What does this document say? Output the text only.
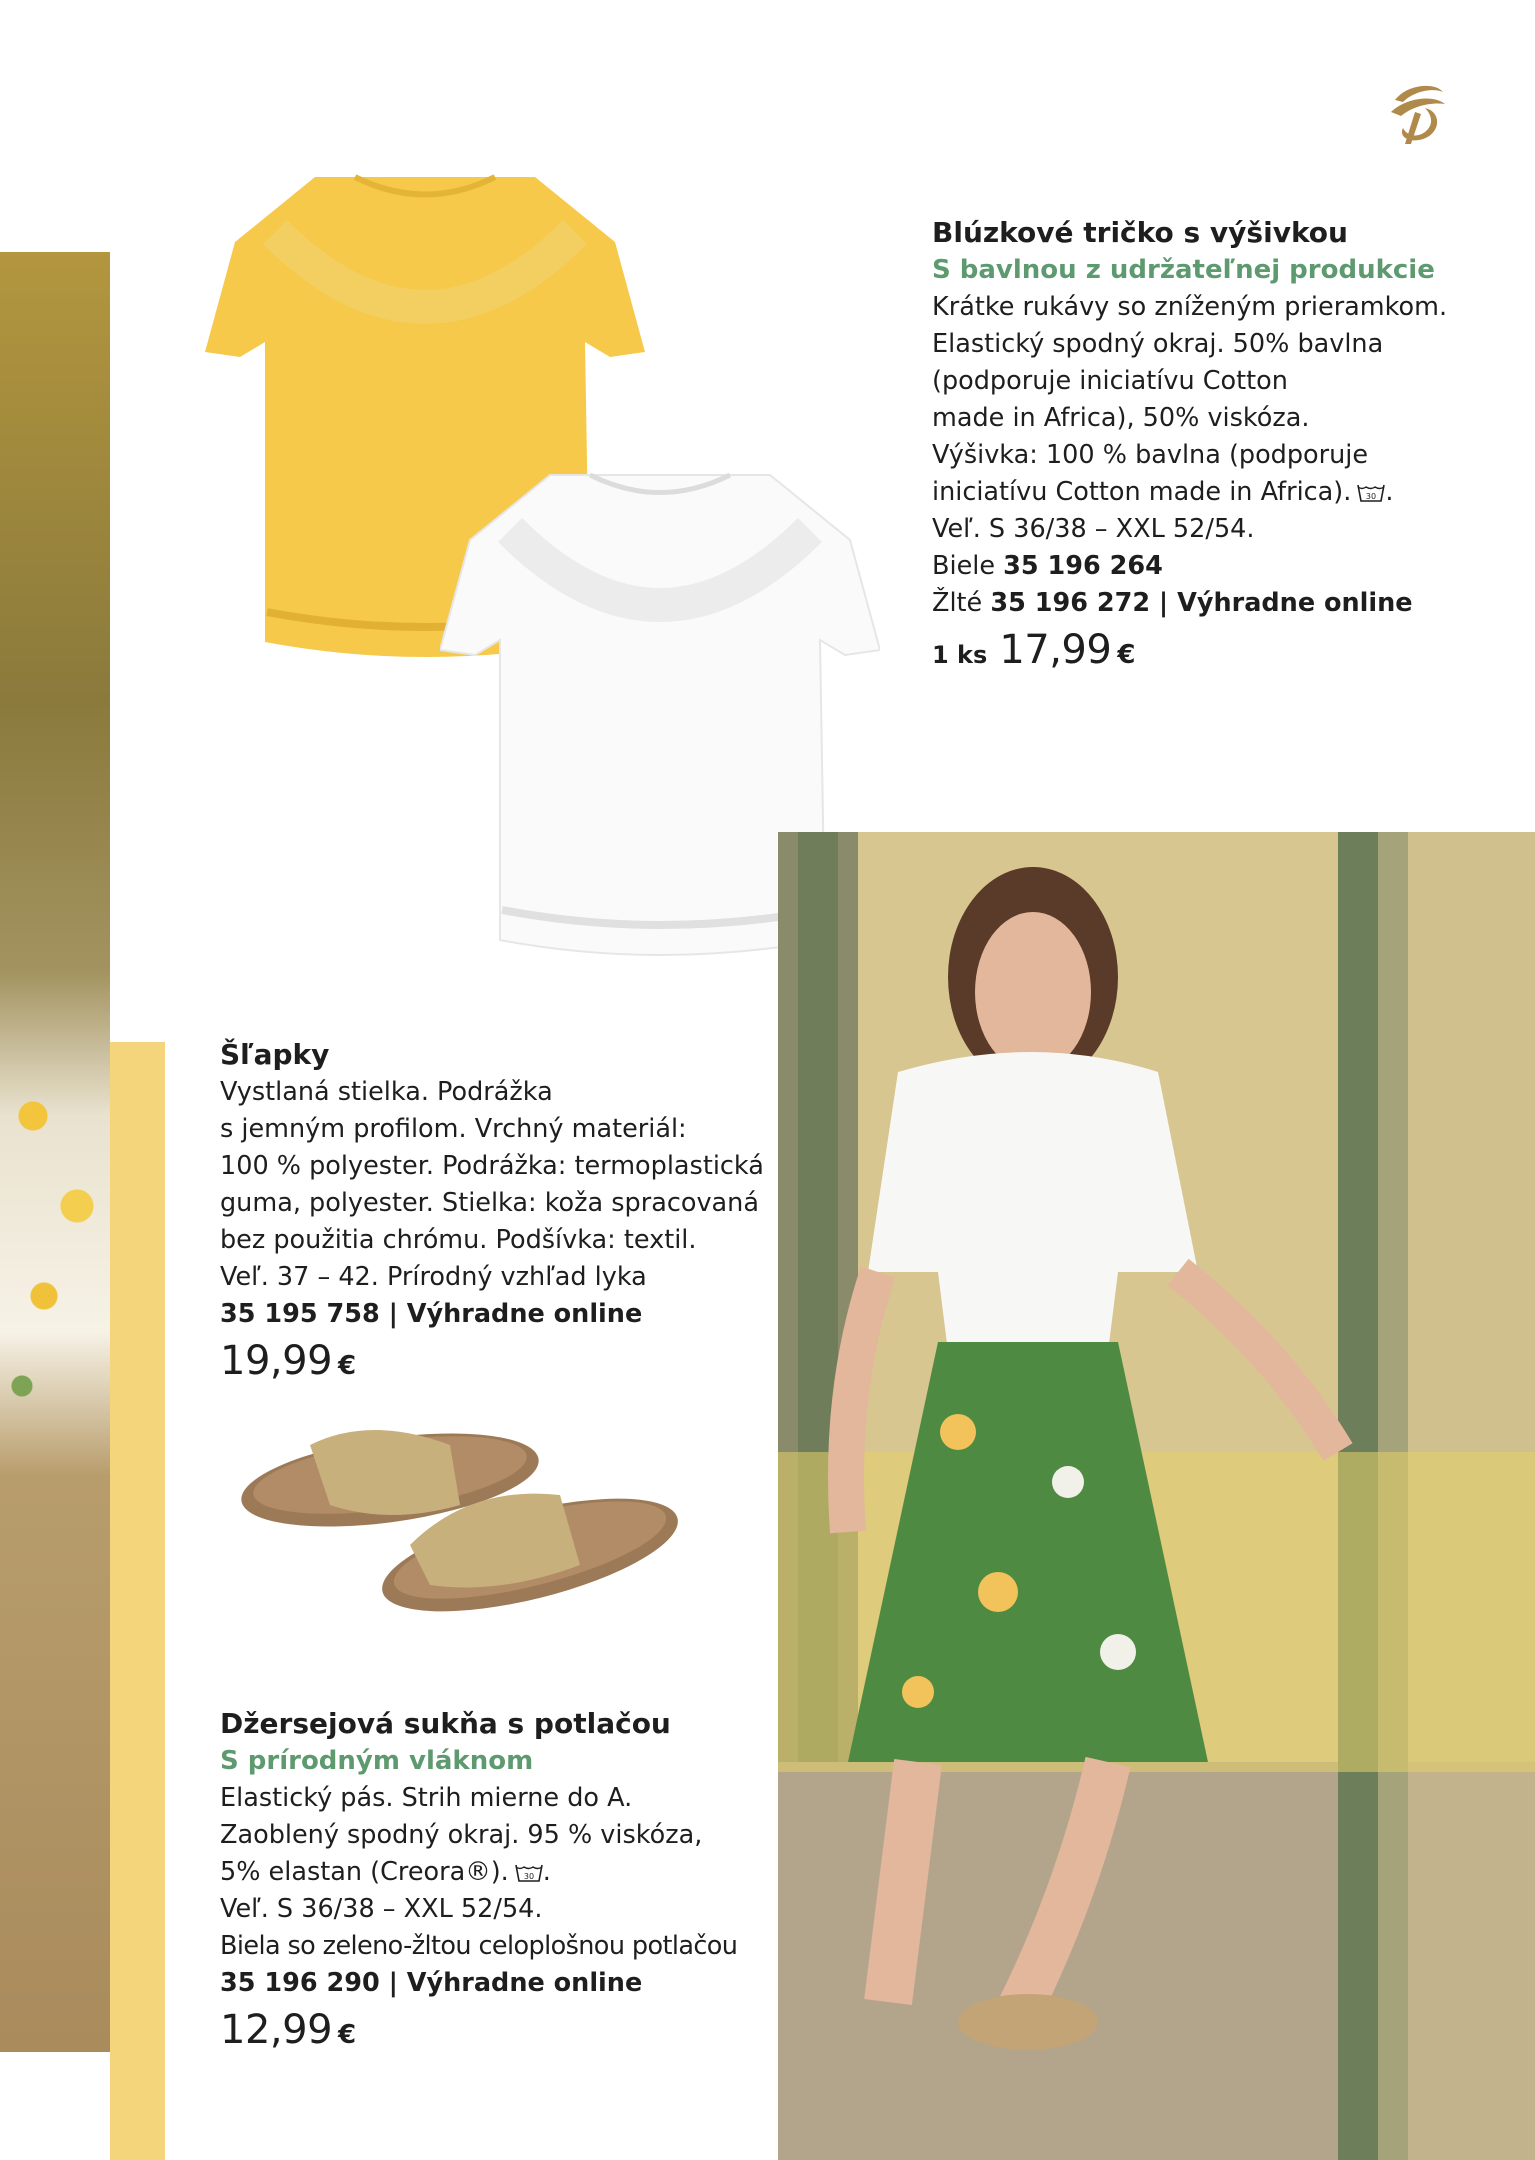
Blúzkové tričko s výšivkou
S bavlnou z udržateľnej produkcie
Krátke rukávy so zníženým prieramkom.
Elastický spodný okraj. 50% bavlna
(podporuje iniciatívu Cotton
made in Africa), 50% viskóza.
Výšivka: 100 % bavlna (podporuje
iniciatívu Cotton made in Africa). 30 .
Veľ. S 36/38 – XXL 52/54.
Biele 35 196 264
Žlté 35 196 272 | Výhradne online
1 ks 17,99 €
Šľapky
Vystlaná stielka. Podrážka
s jemným profilom. Vrchný materiál:
100 % polyester. Podrážka: termoplastická
guma, polyester. Stielka: koža spracovaná
bez použitia chrómu. Podšívka: textil.
Veľ. 37 – 42. Prírodný vzhľad lyka
35 195 758 | Výhradne online
19,99 €
Džersejová sukňa s potlačou
S prírodným vláknom
Elastický pás. Strih mierne do A.
Zaoblený spodný okraj. 95 % viskóza,
5% elastan (Creora®). 30 .
Veľ. S 36/38 – XXL 52/54.
Biela so zeleno-žltou celoplošnou potlačou
35 196 290 | Výhradne online
12,99 €
